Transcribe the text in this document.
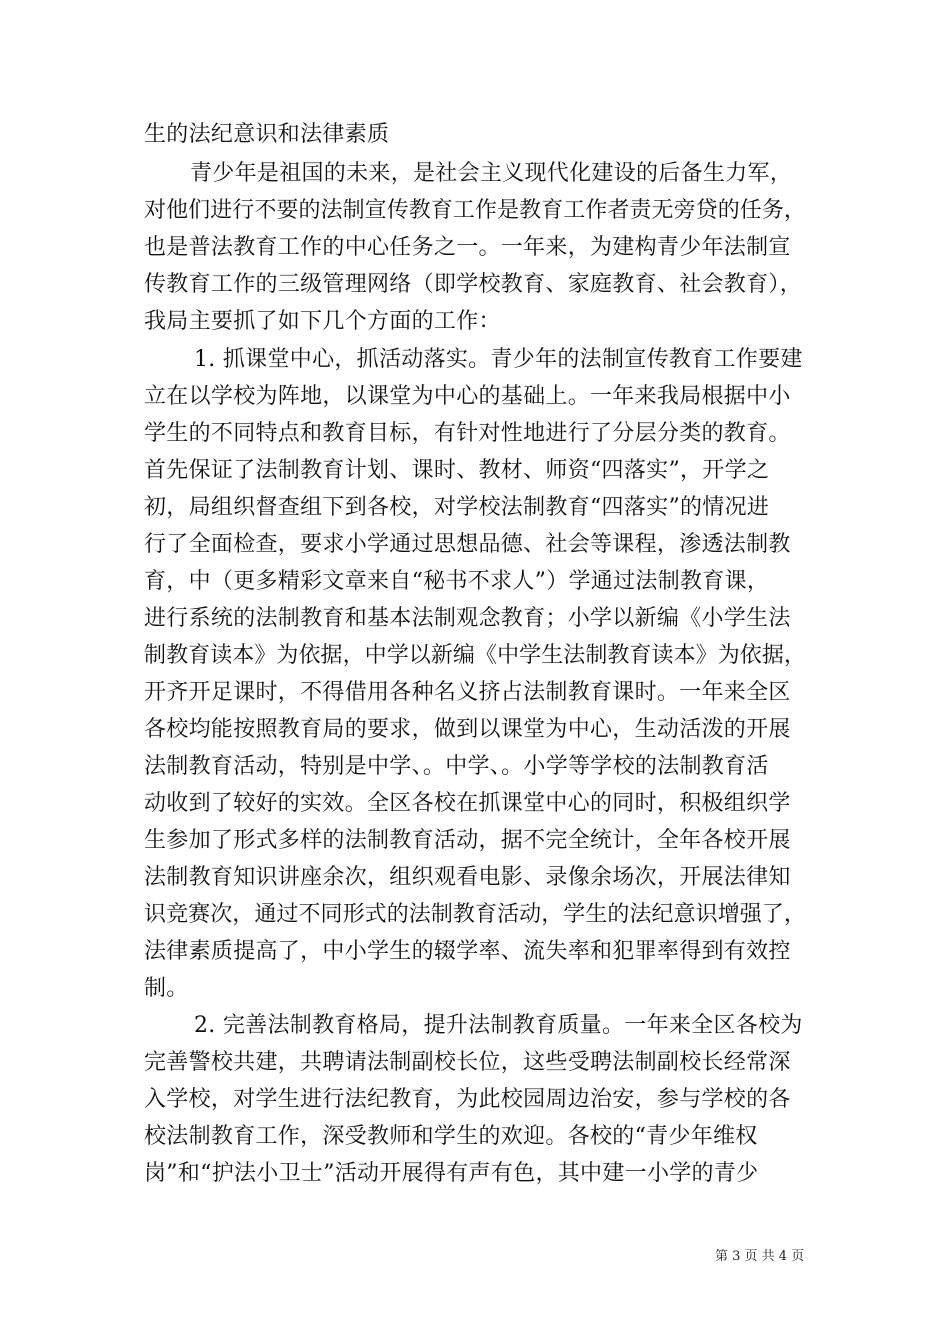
生的法纪意识和法律素质
青少年是祖国的未来，是社会主义现代化建设的后备生力军，
对他们进行不要的法制宣传教育工作是教育工作者责无旁贷的任务，
也是普法教育工作的中心任务之一。一年来，为建构青少年法制宣
传教育工作的三级管理网络（即学校教育、家庭教育、社会教育），
我局主要抓了如下几个方面的工作：
1. 抓课堂中心，抓活动落实。青少年的法制宣传教育工作要建
立在以学校为阵地，以课堂为中心的基础上。一年来我局根据中小
学生的不同特点和教育目标，有针对性地进行了分层分类的教育。
首先保证了法制教育计划、课时、教材、师资“四落实”，开学之
初，局组织督查组下到各校，对学校法制教育“四落实”的情况进
行了全面检查，要求小学通过思想品德、社会等课程，渗透法制教
育，中（更多精彩文章来自“秘书不求人”）学通过法制教育课，
进行系统的法制教育和基本法制观念教育；小学以新编《小学生法
制教育读本》为依据，中学以新编《中学生法制教育读本》为依据，
开齐开足课时，不得借用各种名义挤占法制教育课时。一年来全区
各校均能按照教育局的要求，做到以课堂为中心，生动活泼的开展
法制教育活动，特别是中学、。中学、。小学等学校的法制教育活
动收到了较好的实效。全区各校在抓课堂中心的同时，积极组织学
生参加了形式多样的法制教育活动，据不完全统计，全年各校开展
法制教育知识讲座余次，组织观看电影、录像余场次，开展法律知
识竞赛次，通过不同形式的法制教育活动，学生的法纪意识增强了，
法律素质提高了，中小学生的辍学率、流失率和犯罪率得到有效控
制。
2. 完善法制教育格局，提升法制教育质量。一年来全区各校为
完善警校共建，共聘请法制副校长位，这些受聘法制副校长经常深
入学校，对学生进行法纪教育，为此校园周边治安，参与学校的各
校法制教育工作，深受教师和学生的欢迎。各校的“青少年维权
岗”和“护法小卫士”活动开展得有声有色，其中建一小学的青少
第 3 页 共 4 页
